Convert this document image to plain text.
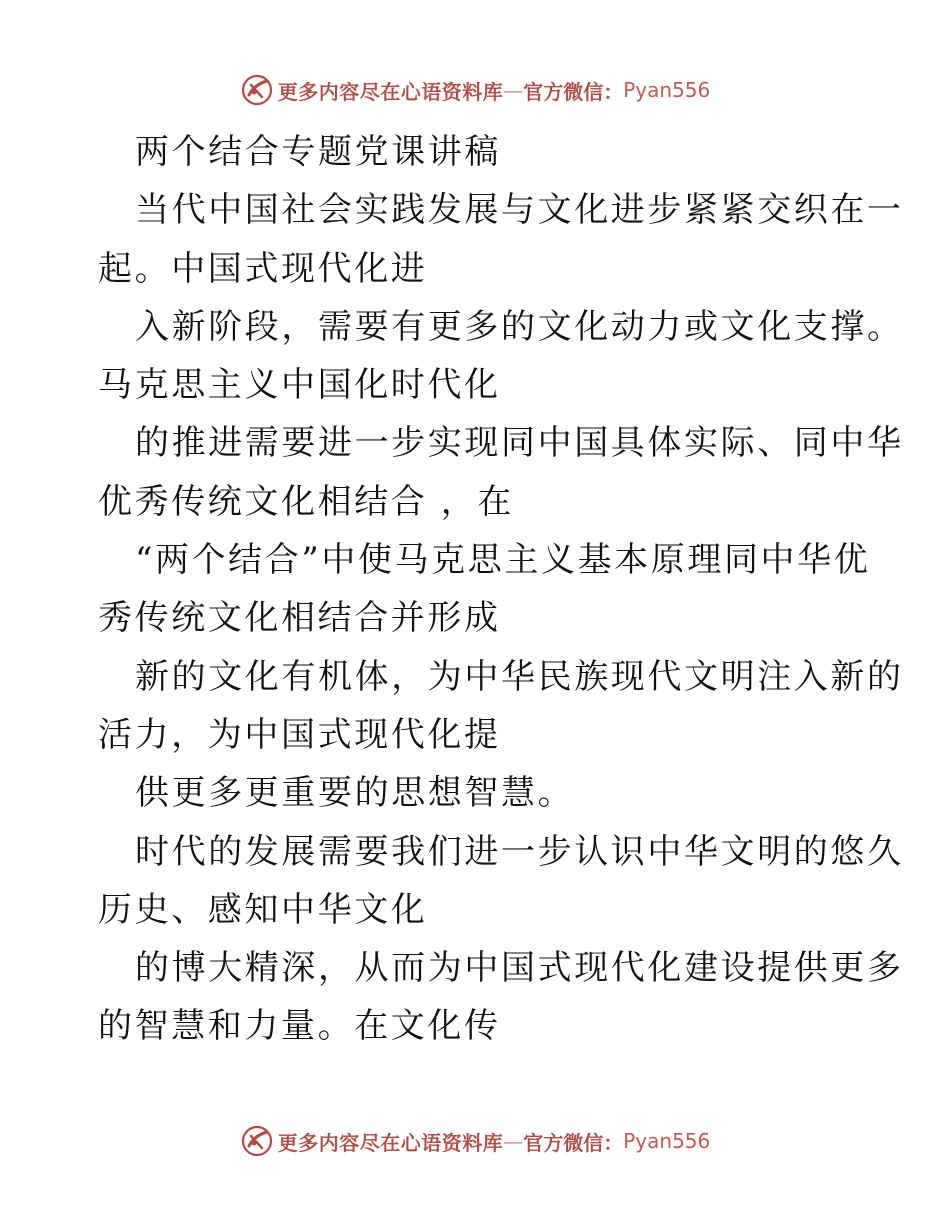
更多内容尽在心语资料库 — 官方微信： Pyan556
两个结合专题党课讲稿
当代中国社会实践发展与文化进步紧紧交织在一
起。中国式现代化进
入新阶段，需要有更多的文化动力或文化支撑。
马克思主义中国化时代化
的推进需要进一步实现同中国具体实际、同中华
优秀传统文化相结合 ，在
“两个结合”中使马克思主义基本原理同中华优
秀传统文化相结合并形成
新的文化有机体，为中华民族现代文明注入新的
活力，为中国式现代化提
供更多更重要的思想智慧。
时代的发展需要我们进一步认识中华文明的悠久
历史、感知中华文化
的博大精深，从而为中国式现代化建设提供更多
的智慧和力量。在文化传
更多内容尽在心语资料库 — 官方微信： Pyan556
